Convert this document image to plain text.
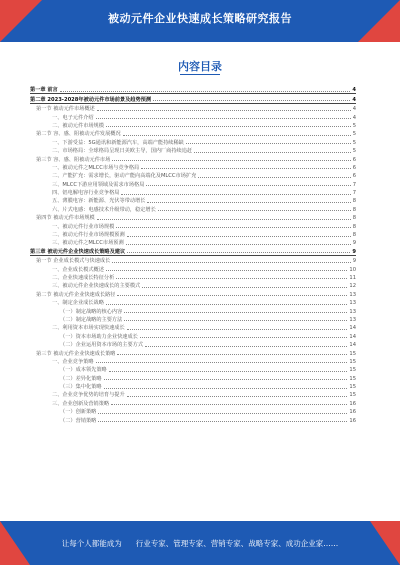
被动元件企业快速成长策略研究报告
内容目录
第一章 前言	4
第二章 2023-2028年被动元件市场前景及趋势预测	4
第一节 被动元件市场概述	4
一、电子元件介绍	4
二、被动元件市场规模	5
第二节 容、感、阻被动元件发展概况	5
一、下游受益：5G通讯和新能源汽车，高端产能持续稀缺	5
二、市场格局：全球格局呈现日美欧主导，国内厂商持续追赶	5
第三节 容、感、阻被动元件市场	6
一、被动元件之MLCC市场与竞争格局	6
二、产能扩充：需求增长，驱动产能向高端化及MLCC市场扩充	6
三、MLCC下游应用领域及需求市场格局	7
四、铝电解电容行业竞争格局	7
五、薄膜电容：新能源、光伏等带动增长	8
六、片式电感：电感技术升级带动，稳定增长	8
第四节 被动元件市场规模	8
一、被动元件行业市场规模	8
二、被动元件行业市场规模预测	8
三、被动元件之MLCC市场预测	9
第三章 被动元件企业快速成长策略及建议	9
第一节 企业成长模式与快速成长	9
一、企业成长模式概述	10
二、企业快速成长特征分析	11
三、被动元件企业快速成长的主要模式	12
第二节 被动元件企业快速成长路径	13
一、制定企业成长战略	13
（一）制定战略的核心内容	13
（二）制定战略的主要方法	13
二、利用资本市场实现快速成长	14
（一）资本市场助力企业快速成长	14
（二）企业运用资本市场的主要方式	14
第三节 被动元件企业快速成长策略	15
一、企业竞争策略	15
（一）成本领先策略	15
（二）差异化策略	15
（三）集中化策略	15
二、企业竞争优势的培育与提升	15
三、企业创新及营销策略	16
（一）创新策略	16
（二）营销策略	16
让每个人都能成为 行业专家、管理专家、营销专家、战略专家、成功企业家……
